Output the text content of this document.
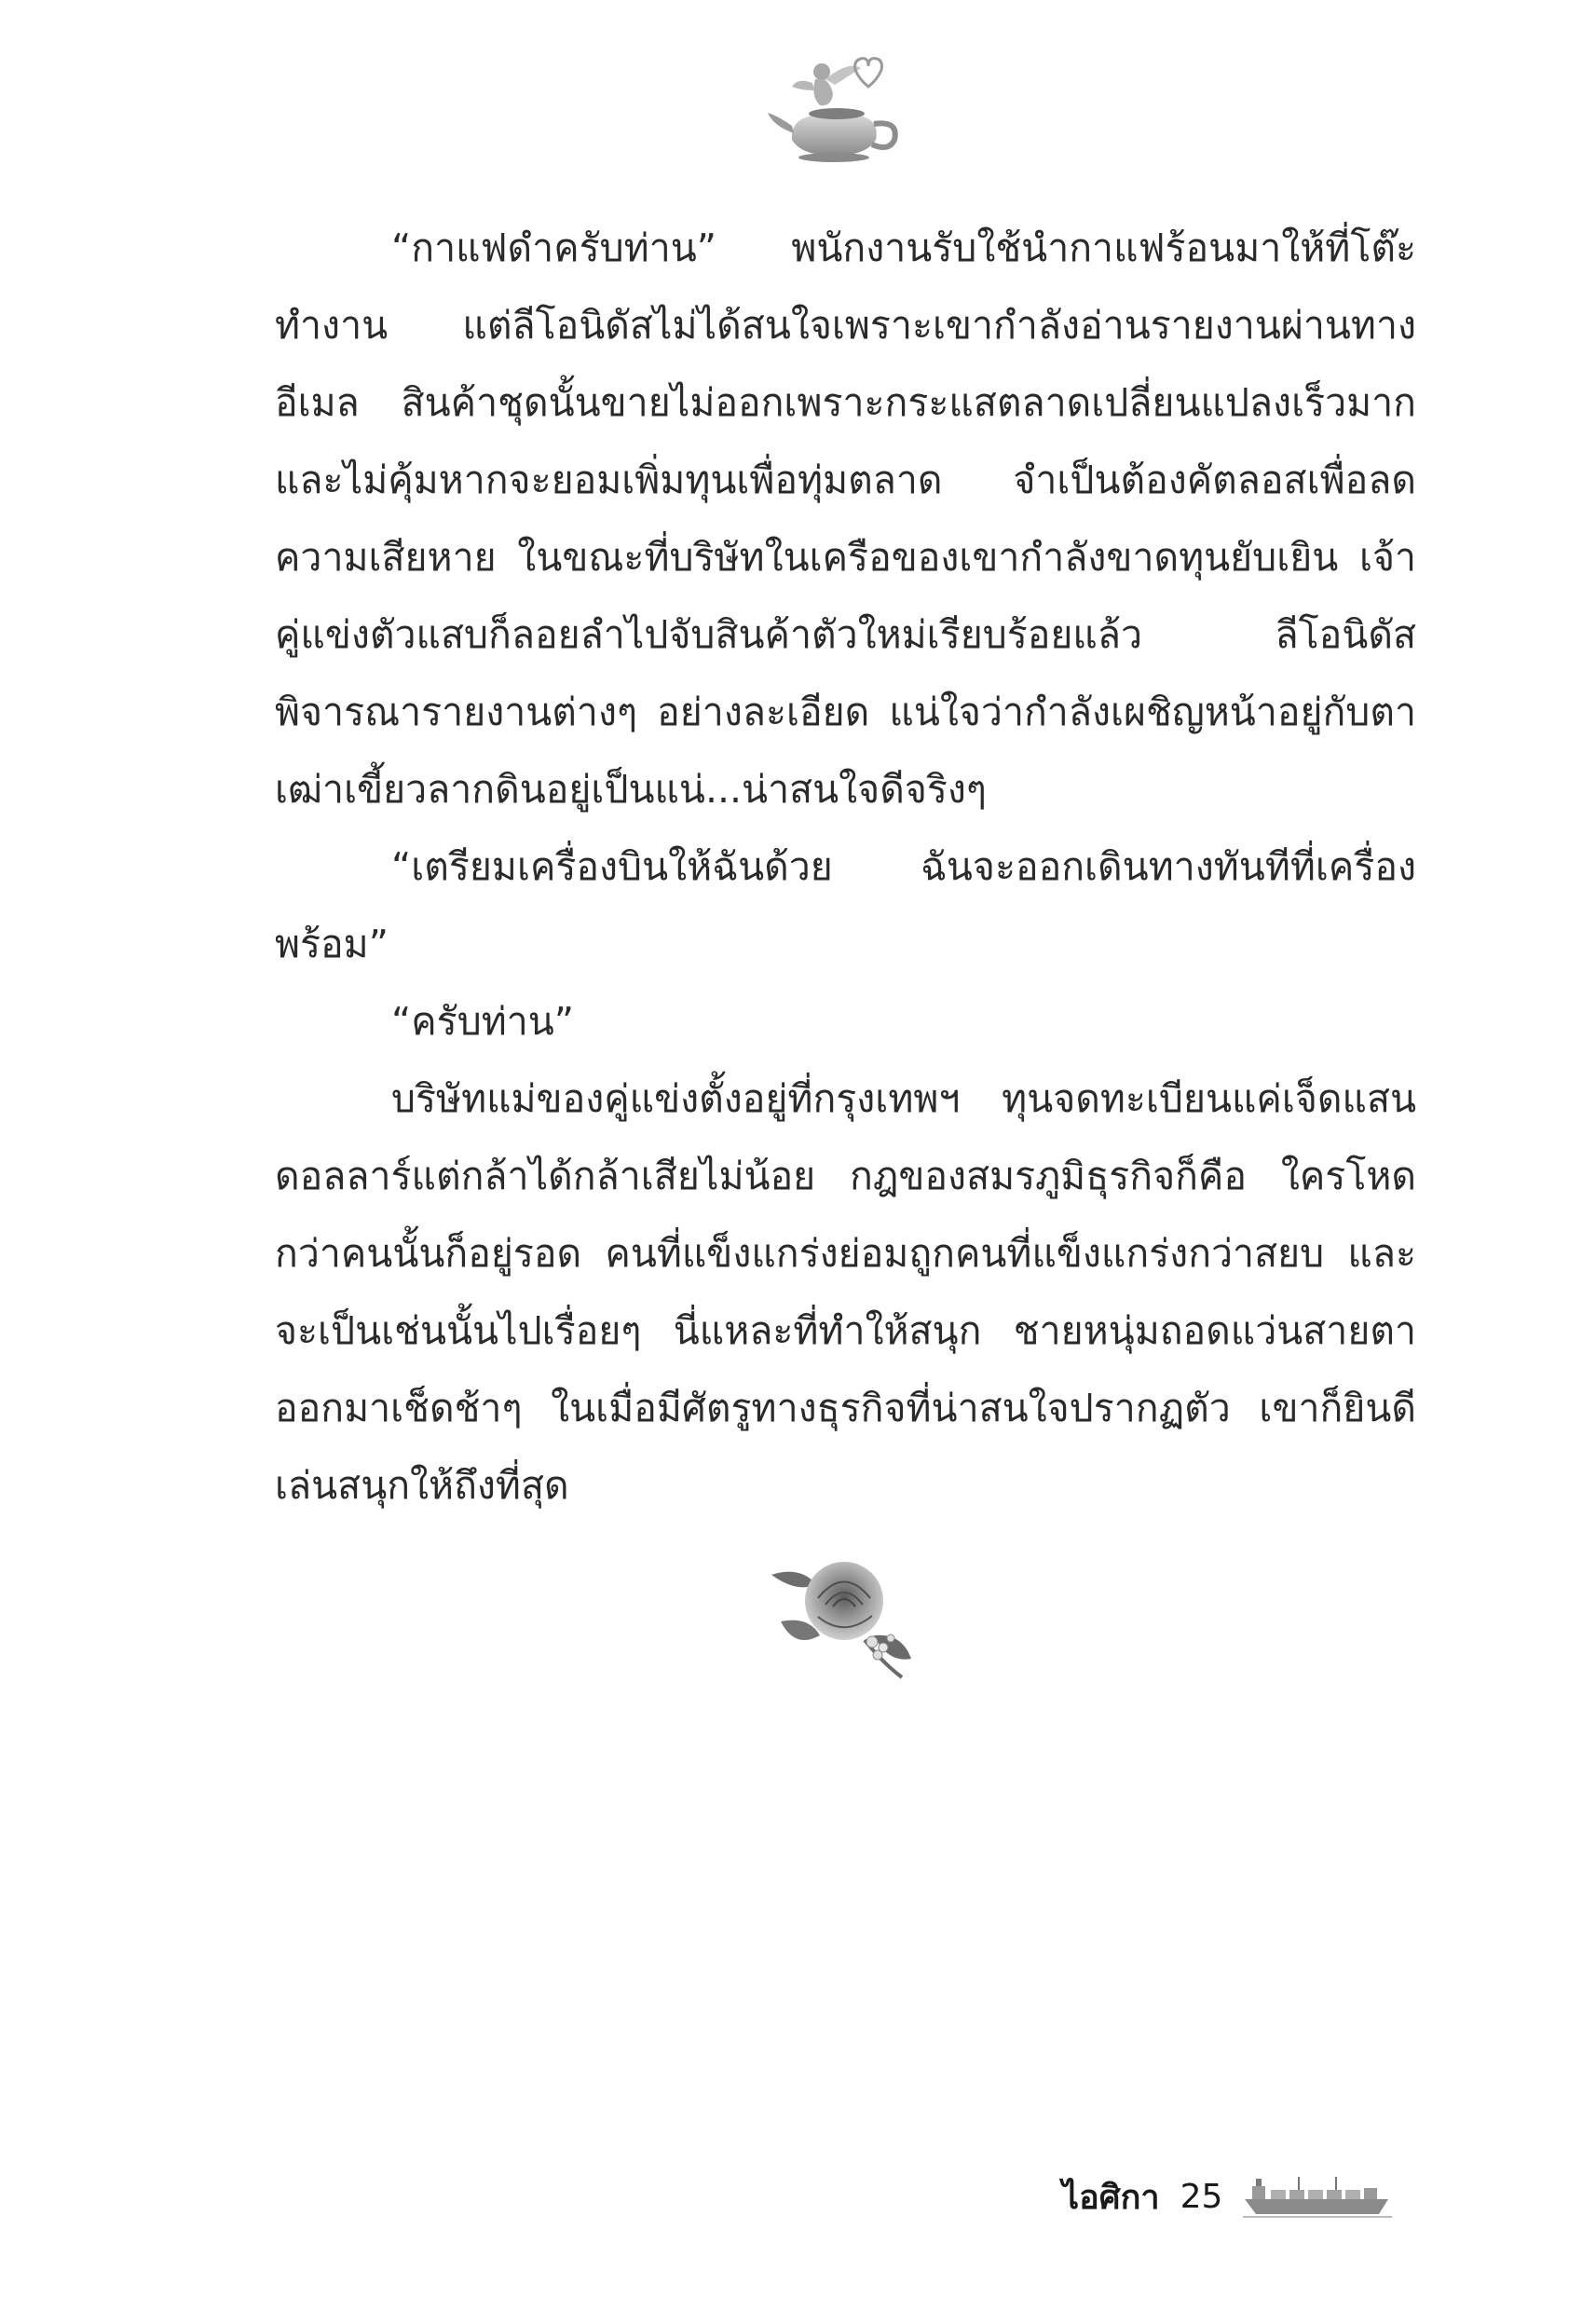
“กาแฟดำครับท่าน” พนักงานรับใช้นำกาแฟร้อนมาให้ที่โต๊ะทำงาน แต่ลีโอนิดัสไม่ได้สนใจเพราะเขากำลังอ่านรายงานผ่านทางอีเมล สินค้าชุดนั้นขายไม่ออกเพราะกระแสตลาดเปลี่ยนแปลงเร็วมาก และไม่คุ้มหากจะยอมเพิ่มทุนเพื่อทุ่มตลาด จำเป็นต้องคัตลอสเพื่อลดความเสียหาย ในขณะที่บริษัทในเครือของเขากำลังขาดทุนยับเยิน เจ้าคู่แข่งตัวแสบก็ลอยลำไปจับสินค้าตัวใหม่เรียบร้อยแล้ว ลีโอนิดัสพิจารณารายงานต่างๆ อย่างละเอียด แน่ใจว่ากำลังเผชิญหน้าอยู่กับตาเฒ่าเขี้ยวลากดินอยู่เป็นแน่...น่าสนใจดีจริงๆ

“เตรียมเครื่องบินให้ฉันด้วย ฉันจะออกเดินทางทันทีที่เครื่องพร้อม”

“ครับท่าน”

บริษัทแม่ของคู่แข่งตั้งอยู่ที่กรุงเทพฯ ทุนจดทะเบียนแค่เจ็ดแสนดอลลาร์แต่กล้าได้กล้าเสียไม่น้อย กฎของสมรภูมิธุรกิจก็คือ ใครโหดกว่าคนนั้นก็อยู่รอด คนที่แข็งแกร่งย่อมถูกคนที่แข็งแกร่งกว่าสยบ และจะเป็นเช่นนั้นไปเรื่อยๆ นี่แหละที่ทำให้สนุก ชายหนุ่มถอดแว่นสายตาออกมาเช็ดช้าๆ ในเมื่อมีศัตรูทางธุรกิจที่น่าสนใจปรากฏตัว เขาก็ยินดีเล่นสนุกให้ถึงที่สุด

ไอศิกา 25
